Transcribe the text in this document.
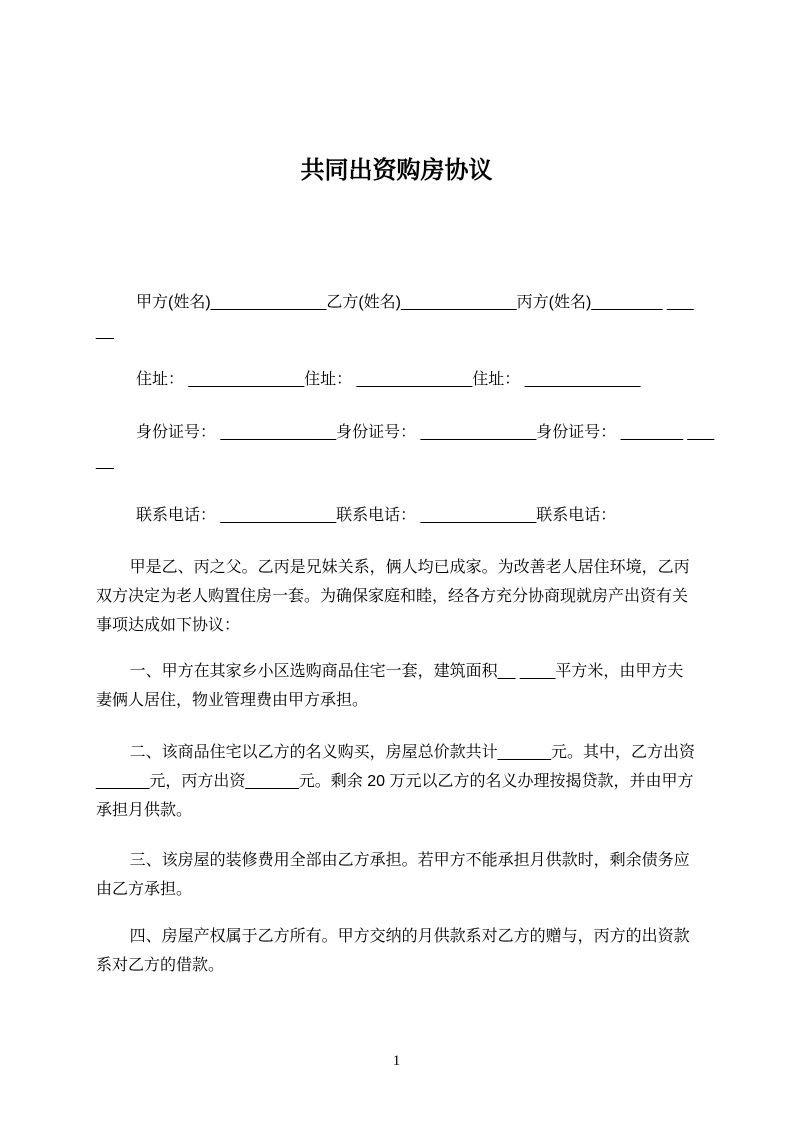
共同出资购房协议
甲方(姓名)_____________乙方(姓名)_____________丙方(姓名)________ ___
__
住址： _____________住址： _____________住址： _____________
身份证号： _____________身份证号： _____________身份证号： _______ ___
__
联系电话： _____________联系电话： _____________联系电话：
甲是乙、丙之父。乙丙是兄妹关系，俩人均已成家。为改善老人居住环境，乙丙
双方决定为老人购置住房一套。为确保家庭和睦，经各方充分协商现就房产出资有关
事项达成如下协议：
一、甲方在其家乡小区选购商品住宅一套，建筑面积__ ____平方米，由甲方夫
妻俩人居住，物业管理费由甲方承担。
二、该商品住宅以乙方的名义购买，房屋总价款共计______元。其中，乙方出资
______元，丙方出资______元。剩余 20 万元以乙方的名义办理按揭贷款，并由甲方
承担月供款。
三、该房屋的装修费用全部由乙方承担。若甲方不能承担月供款时，剩余债务应
由乙方承担。
四、房屋产权属于乙方所有。甲方交纳的月供款系对乙方的赠与，丙方的出资款
系对乙方的借款。
1
